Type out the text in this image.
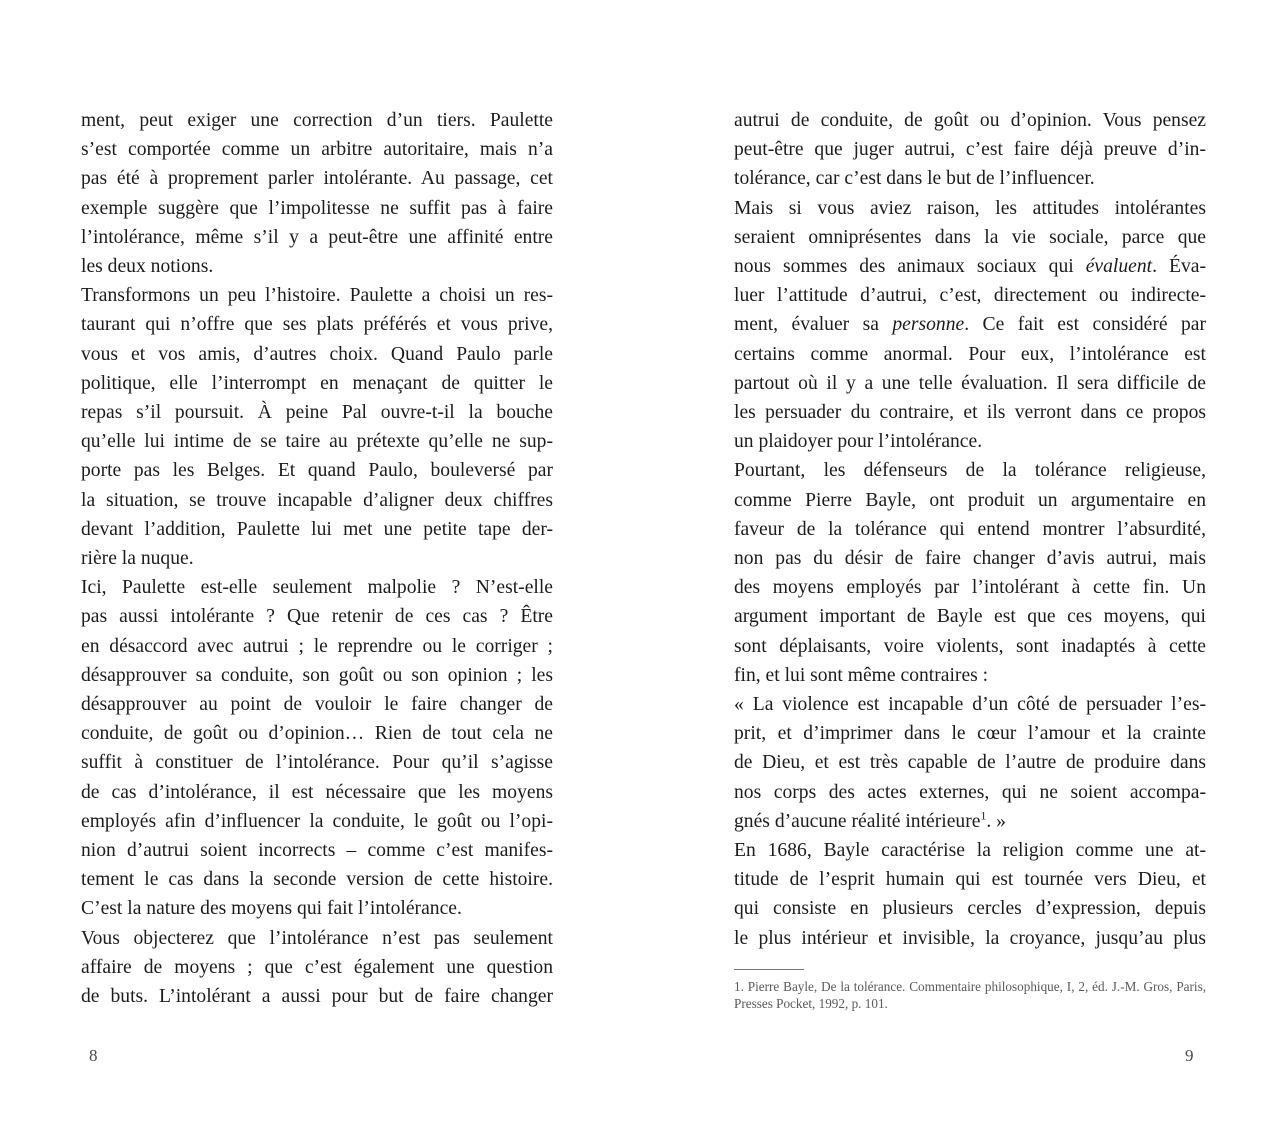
ment, peut exiger une correction d’un tiers. Paulette
s’est comportée comme un arbitre autoritaire, mais n’a
pas été à proprement parler intolérante. Au passage, cet
exemple suggère que l’impolitesse ne suffit pas à faire
l’intolérance, même s’il y a peut-être une affinité entre
les deux notions.
Transformons un peu l’histoire. Paulette a choisi un res-
taurant qui n’offre que ses plats préférés et vous prive,
vous et vos amis, d’autres choix. Quand Paulo parle
politique, elle l’interrompt en menaçant de quitter le
repas s’il poursuit. À peine Pal ouvre-t-il la bouche
qu’elle lui intime de se taire au prétexte qu’elle ne sup-
porte pas les Belges. Et quand Paulo, bouleversé par
la situation, se trouve incapable d’aligner deux chiffres
devant l’addition, Paulette lui met une petite tape der-
rière la nuque.
Ici, Paulette est-elle seulement malpolie ? N’est-elle
pas aussi intolérante ? Que retenir de ces cas ? Être
en désaccord avec autrui ; le reprendre ou le corriger ;
désapprouver sa conduite, son goût ou son opinion ; les
désapprouver au point de vouloir le faire changer de
conduite, de goût ou d’opinion… Rien de tout cela ne
suffit à constituer de l’intolérance. Pour qu’il s’agisse
de cas d’intolérance, il est nécessaire que les moyens
employés afin d’influencer la conduite, le goût ou l’opi-
nion d’autrui soient incorrects – comme c’est manifes-
tement le cas dans la seconde version de cette histoire.
C’est la nature des moyens qui fait l’intolérance.
Vous objecterez que l’intolérance n’est pas seulement
affaire de moyens ; que c’est également une question
de buts. L’intolérant a aussi pour but de faire changer
8
autrui de conduite, de goût ou d’opinion. Vous pensez
peut-être que juger autrui, c’est faire déjà preuve d’in-
tolérance, car c’est dans le but de l’influencer.
Mais si vous aviez raison, les attitudes intolérantes
seraient omniprésentes dans la vie sociale, parce que
nous sommes des animaux sociaux qui évaluent. Éva-
luer l’attitude d’autrui, c’est, directement ou indirecte-
ment, évaluer sa personne. Ce fait est considéré par
certains comme anormal. Pour eux, l’intolérance est
partout où il y a une telle évaluation. Il sera difficile de
les persuader du contraire, et ils verront dans ce propos
un plaidoyer pour l’intolérance.
Pourtant, les défenseurs de la tolérance religieuse,
comme Pierre Bayle, ont produit un argumentaire en
faveur de la tolérance qui entend montrer l’absurdité,
non pas du désir de faire changer d’avis autrui, mais
des moyens employés par l’intolérant à cette fin. Un
argument important de Bayle est que ces moyens, qui
sont déplaisants, voire violents, sont inadaptés à cette
fin, et lui sont même contraires :
« La violence est incapable d’un côté de persuader l’es-
prit, et d’imprimer dans le cœur l’amour et la crainte
de Dieu, et est très capable de l’autre de produire dans
nos corps des actes externes, qui ne soient accompa-
gnés d’aucune réalité intérieure$^1$. »
En 1686, Bayle caractérise la religion comme une at-
titude de l’esprit humain qui est tournée vers Dieu, et
qui consiste en plusieurs cercles d’expression, depuis
le plus intérieur et invisible, la croyance, jusqu’au plus
1. Pierre Bayle, De la tolérance. Commentaire philosophique, I, 2, éd. J.-M. Gros, Paris, Presses Pocket, 1992, p. 101.
9
